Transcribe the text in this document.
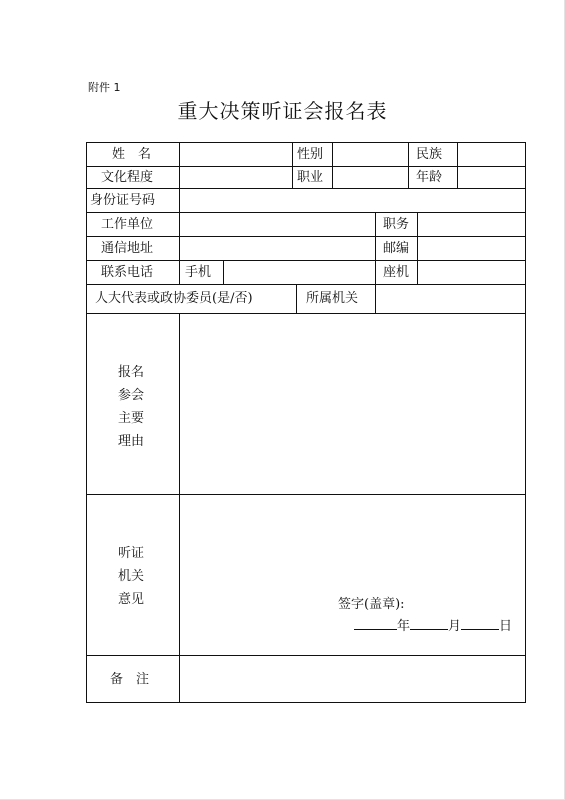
附件 1
重大决策听证会报名表
姓　名	性别	民族
文化程度	职业	年龄
身份证号码
工作单位	职务
通信地址	邮编
联系电话 手机	座机
人大代表或政协委员(是/否)	所属机关
报名
参会
主要
理由
听证
机关
意见	签字(盖章):
年	月	日
备　注
